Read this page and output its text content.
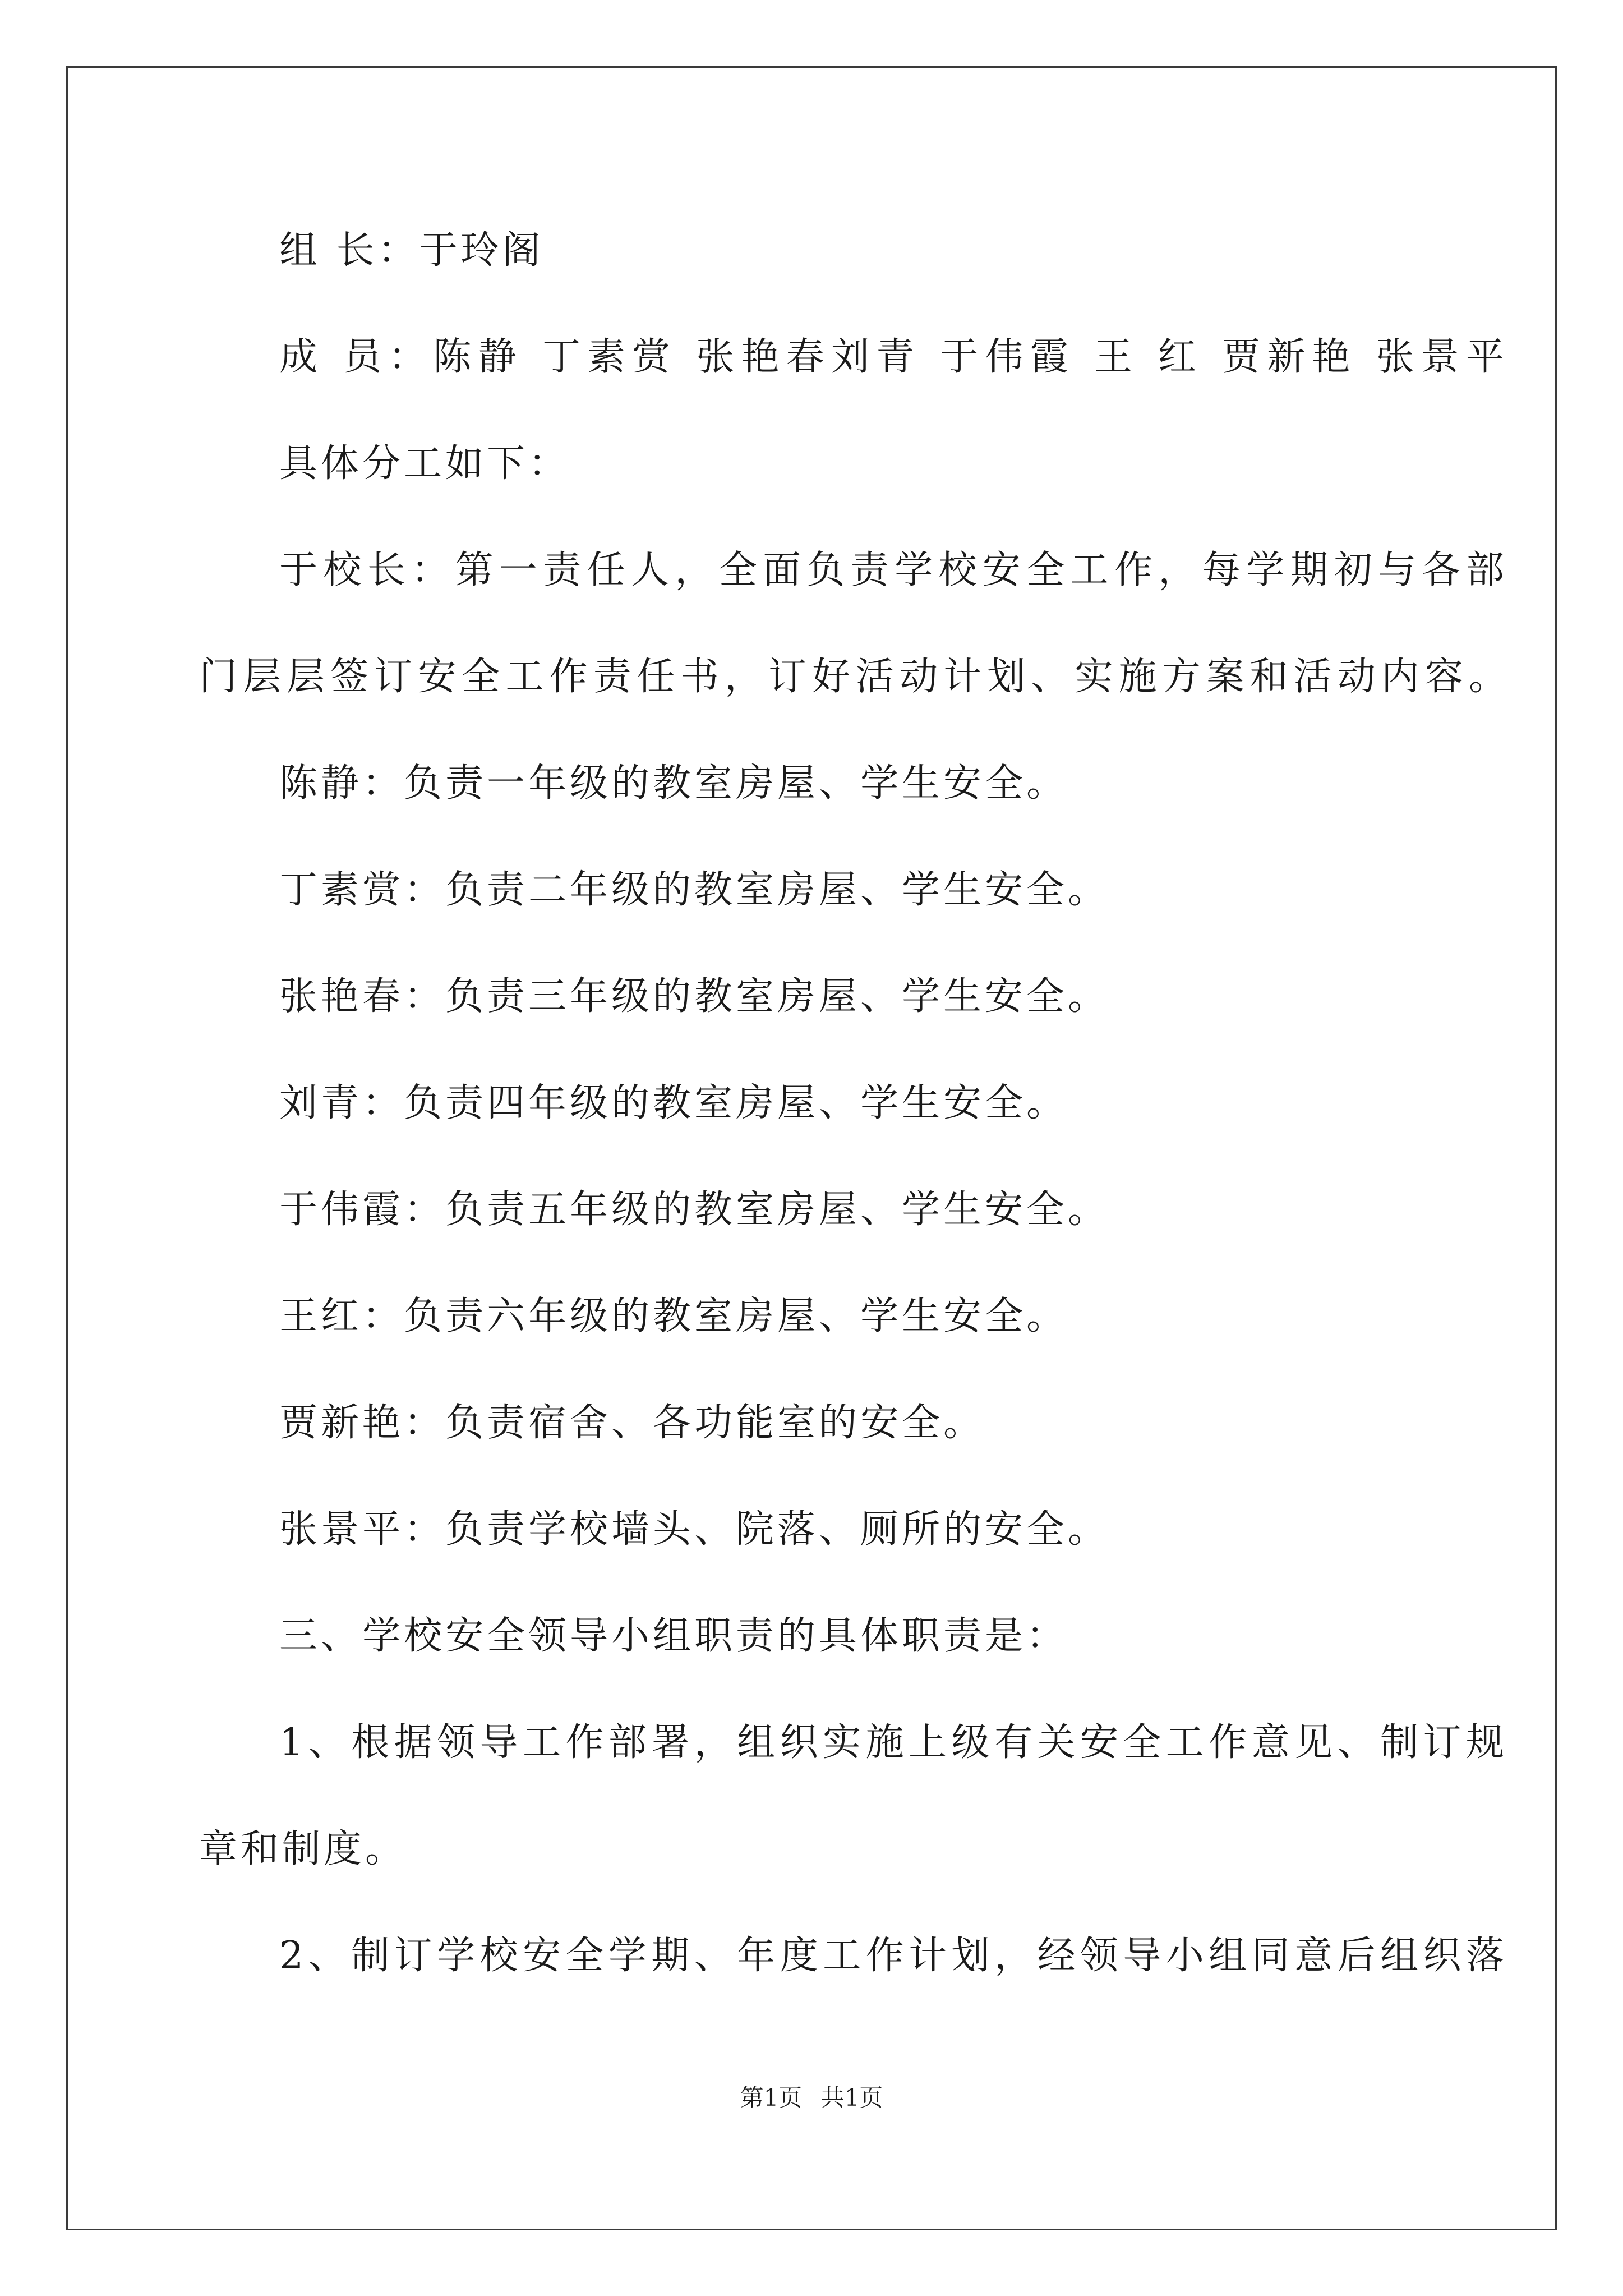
组 长：于玲阁
成 员：陈静 丁素赏 张艳春刘青 于伟霞 王 红 贾新艳 张景平
具体分工如下：
于校长：第一责任人，全面负责学校安全工作，每学期初与各部
门层层签订安全工作责任书，订好活动计划、实施方案和活动内容。
陈静：负责一年级的教室房屋、学生安全。
丁素赏：负责二年级的教室房屋、学生安全。
张艳春：负责三年级的教室房屋、学生安全。
刘青：负责四年级的教室房屋、学生安全。
于伟霞：负责五年级的教室房屋、学生安全。
王红：负责六年级的教室房屋、学生安全。
贾新艳：负责宿舍、各功能室的安全。
张景平：负责学校墙头、院落、厕所的安全。
三、学校安全领导小组职责的具体职责是：
1、根据领导工作部署，组织实施上级有关安全工作意见、制订规
章和制度。
2、制订学校安全学期、年度工作计划，经领导小组同意后组织落
第1页 共1页
